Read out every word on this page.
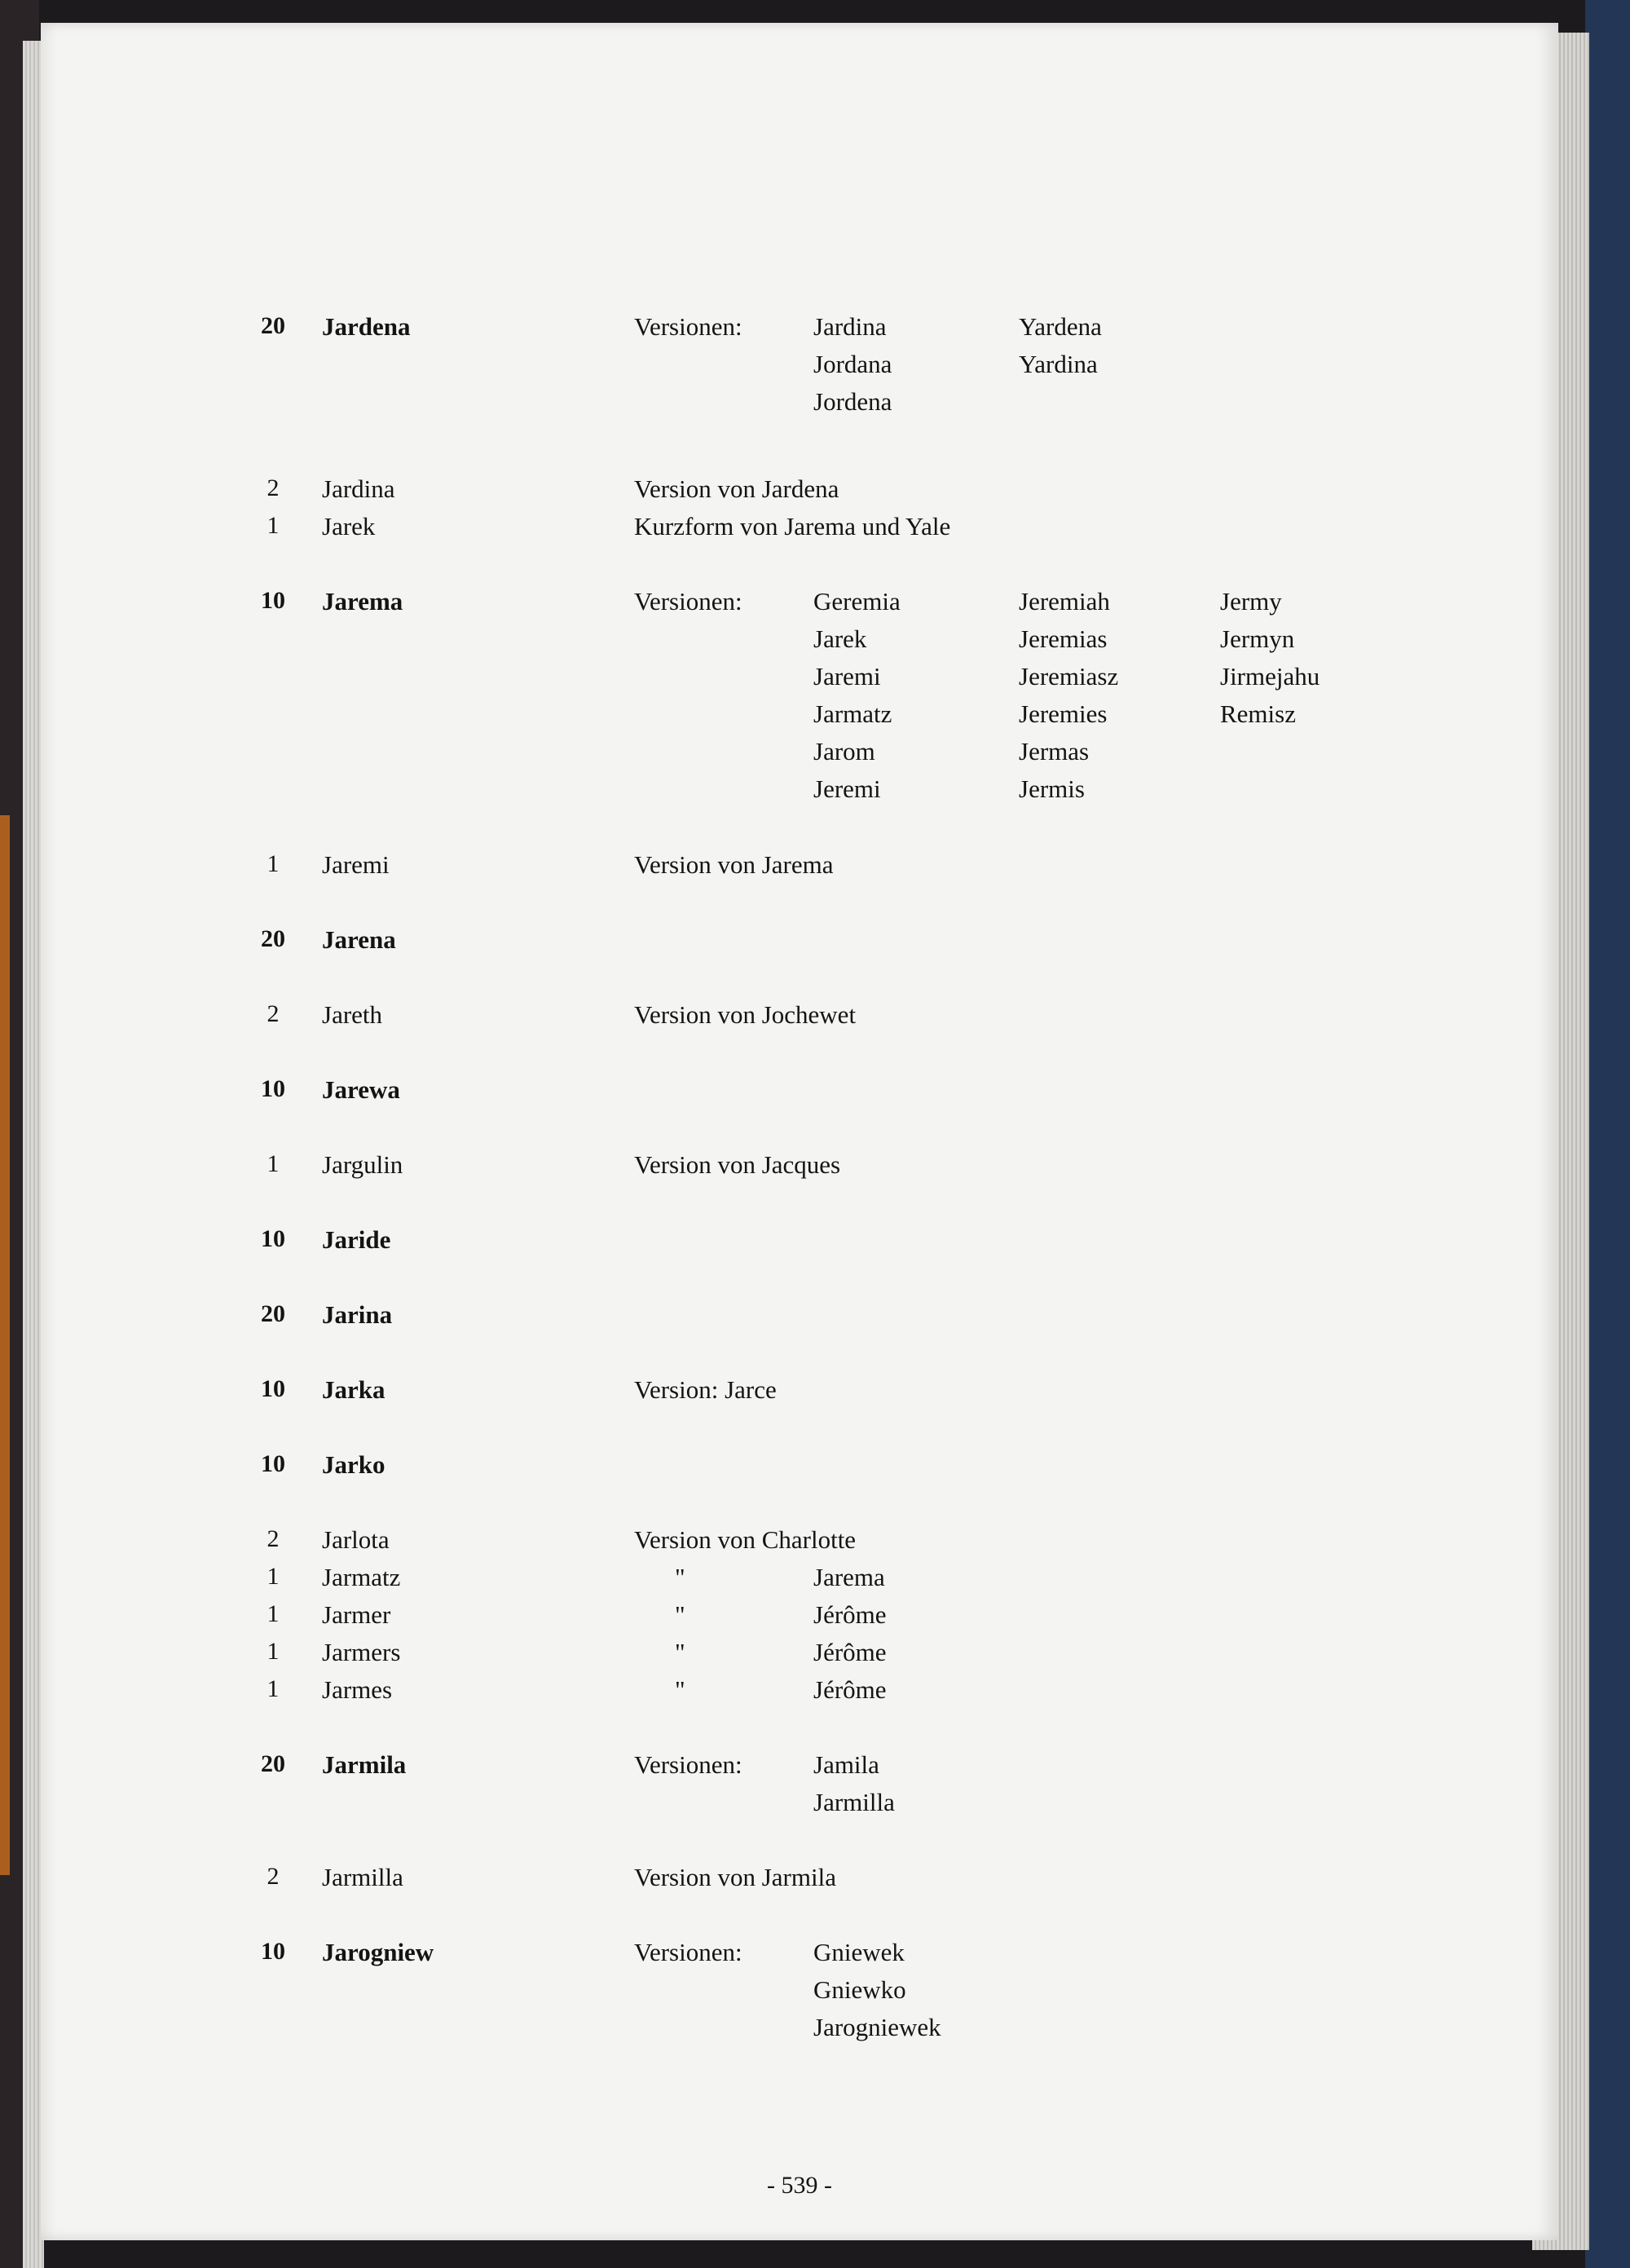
20	Jardena	Versionen:	Jardina	Yardena
Jordana	Yardina
Jordena
2	Jardina	Version von Jardena
1	Jarek	Kurzform von Jarema und Yale
10	Jarema	Versionen:	Geremia	Jeremiah	Jermy
Jarek	Jeremias	Jermyn
Jaremi	Jeremiasz	Jirmejahu
Jarmatz	Jeremies	Remisz
Jarom	Jermas
Jeremi	Jermis
1	Jaremi	Version von Jarema
20	Jarena
2	Jareth	Version von Jochewet
10	Jarewa
1	Jargulin	Version von Jacques
10	Jaride
20	Jarina
10	Jarka	Version: Jarce
10	Jarko
2	Jarlota	Version von Charlotte
1	Jarmatz	"	Jarema
1	Jarmer	"	Jérôme
1	Jarmers	"	Jérôme
1	Jarmes	"	Jérôme
20	Jarmila	Versionen:	Jamila
Jarmilla
2	Jarmilla	Version von Jarmila
10	Jarogniew	Versionen:	Gniewek
Gniewko
Jarogniewek
- 539 -
